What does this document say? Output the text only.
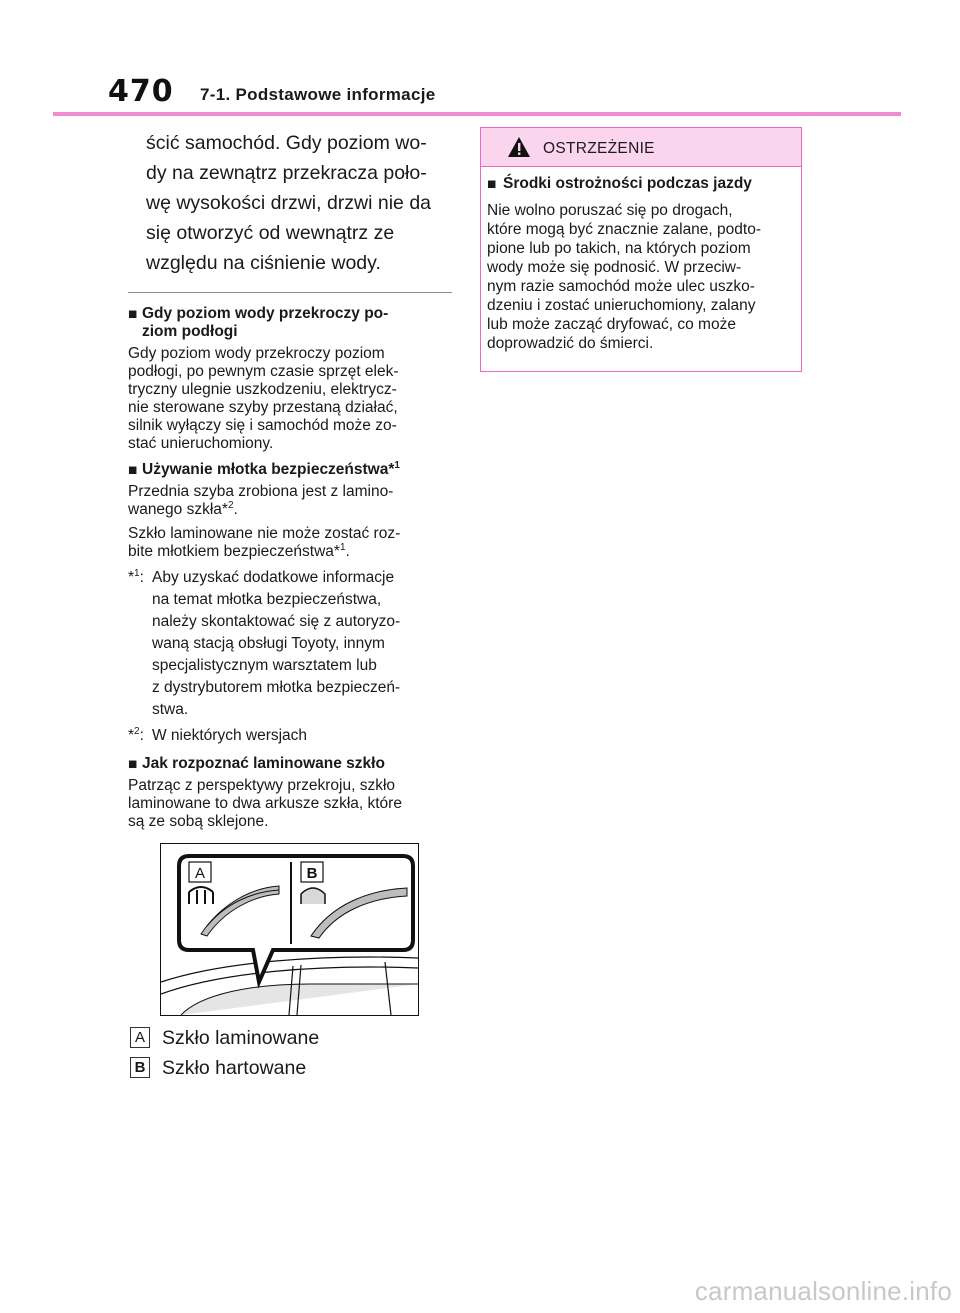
470 7-1. Podstawowe informacje
ścić samochód. Gdy poziom wo-
dy na zewnątrz przekracza poło-
wę wysokości drzwi, drzwi nie da
się otworzyć od wewnątrz ze
względu na ciśnienie wody.
■ Gdy poziom wody przekroczy po-
ziom podłogi
Gdy poziom wody przekroczy poziom
podłogi, po pewnym czasie sprzęt elek-
tryczny ulegnie uszkodzeniu, elektrycz-
nie sterowane szyby przestaną działać,
silnik wyłączy się i samochód może zo-
stać unieruchomiony.
■ Używanie młotka bezpieczeństwa*$^1$
Przednia szyba zrobiona jest z lamino-
wanego szkła*$^2$.
Szkło laminowane nie może zostać roz-
bite młotkiem bezpieczeństwa*$^1$.
*$^1$: Aby uzyskać dodatkowe informacje
na temat młotka bezpieczeństwa,
należy skontaktować się z autoryzo-
waną stacją obsługi Toyoty, innym
specjalistycznym warsztatem lub
z dystrybutorem młotka bezpieczeń-
stwa.
*$^2$: W niektórych wersjach
■ Jak rozpoznać laminowane szkło
Patrząc z perspektywy przekroju, szkło
laminowane to dwa arkusze szkła, które
są ze sobą sklejone.
A	B
A Szkło laminowane
B Szkło hartowane
OSTRZEŻENIE
■ Środki ostrożności podczas jazdy
Nie wolno poruszać się po drogach,
które mogą być znacznie zalane, podto-
pione lub po takich, na których poziom
wody może się podnosić. W przeciw-
nym razie samochód może ulec uszko-
dzeniu i zostać unieruchomiony, zalany
lub może zacząć dryfować, co może
doprowadzić do śmierci.
carmanualsonline.info
